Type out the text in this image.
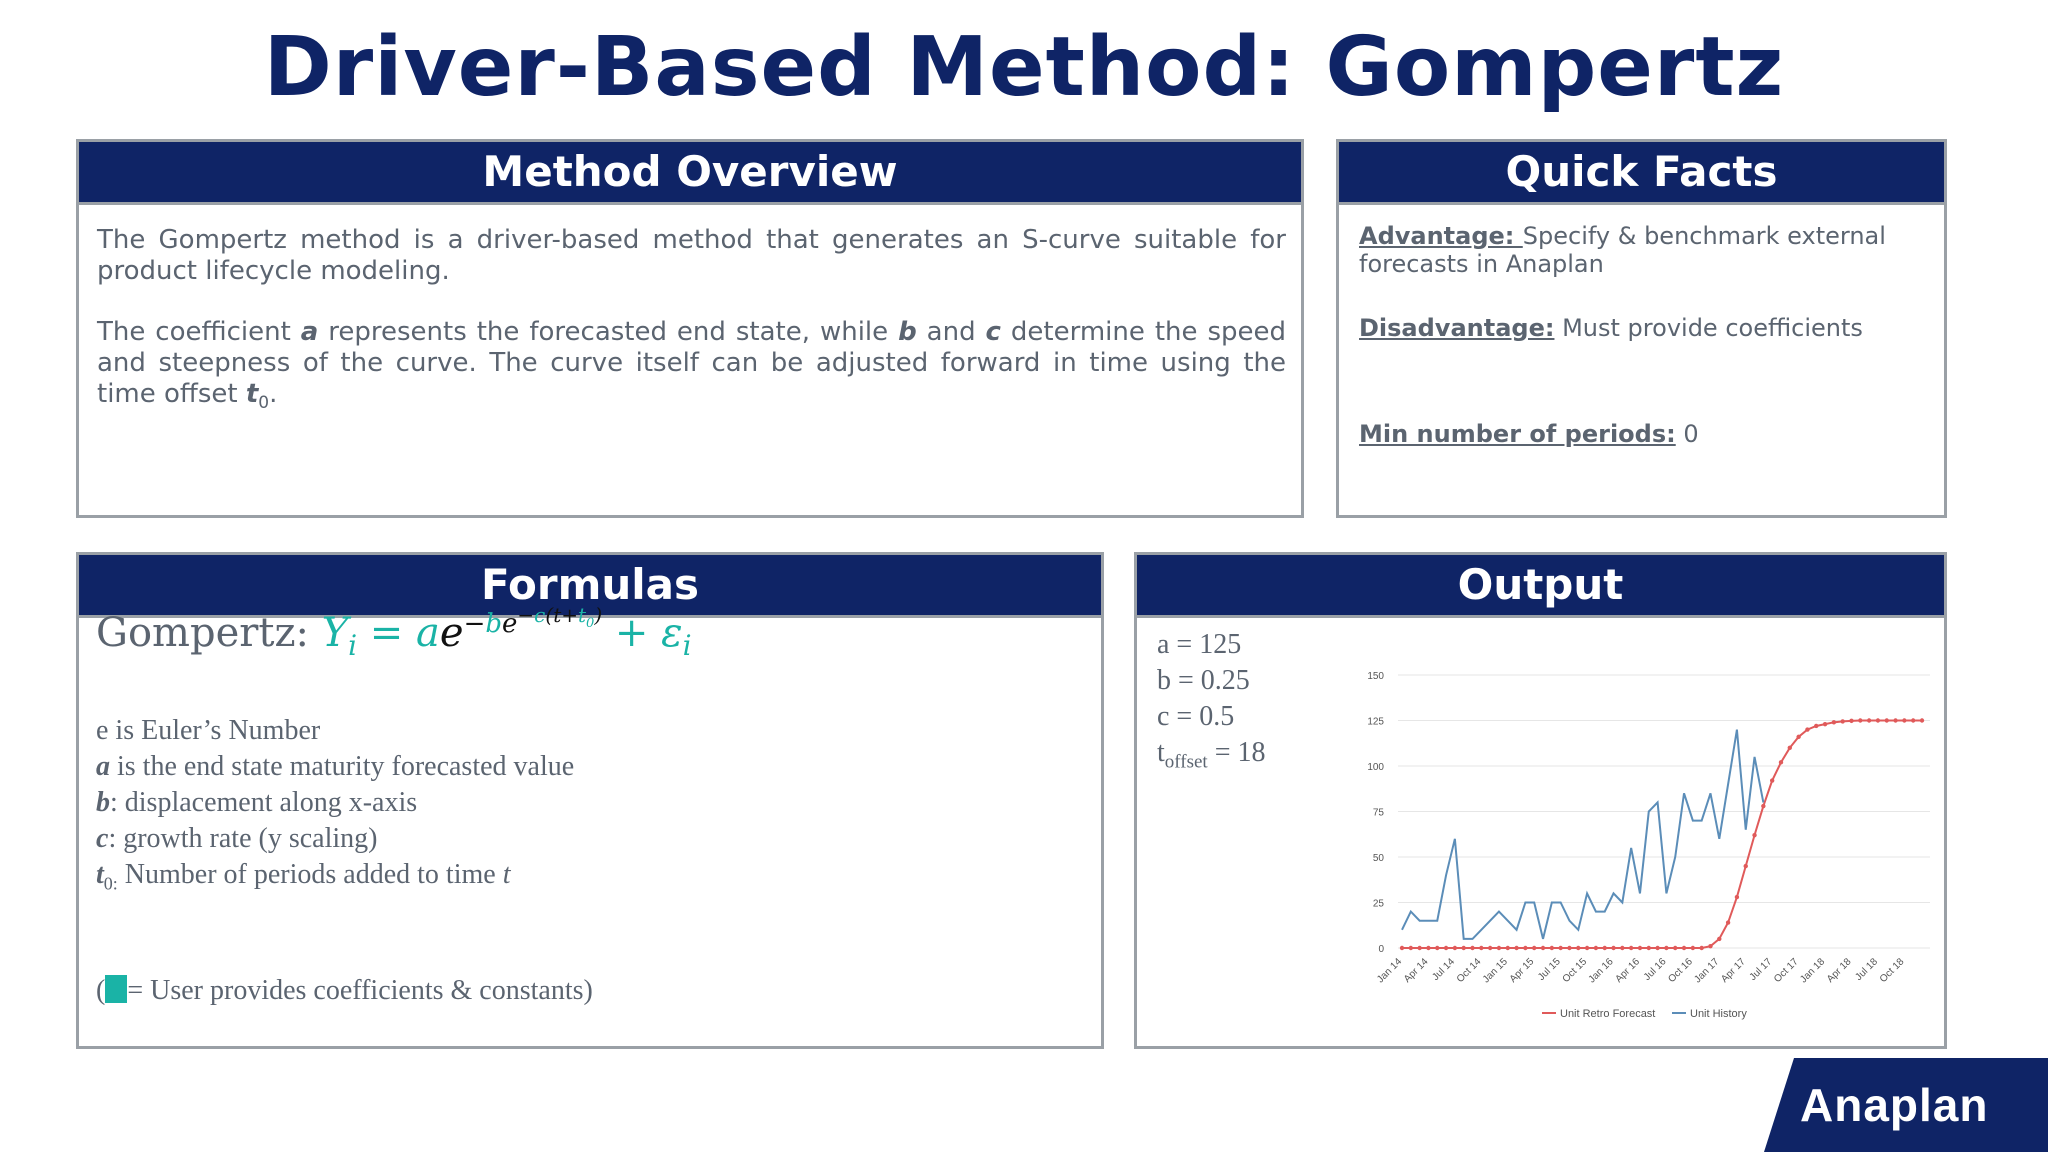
Driver-Based Method: Gompertz
Method Overview

The Gompertz method is a driver-based method that generates an S-curve suitable for product lifecycle modeling.

The coefficient a represents the forecasted end state, while b and c determine the speed and steepness of the curve. The curve itself can be adjusted forward in time using the time offset $t_0$.

Quick Facts
Advantage: Specify & benchmark external forecasts in Anaplan
Disadvantage: Must provide coefficients
Min number of periods: 0
Formulas
Gompertz: $Y_i = ae^{-be^{-c(t+t_0)}} + \varepsilon_i$
e is Euler’s Number
a is the end state maturity forecasted value
b: displacement along x-axis
c: growth rate (y scaling)
$t_{0:}$ Number of periods added to time t
( = User provides coefficients & constants)
Output
a = 125
b = 0.25
c = 0.5
$t_{offset} = 18$
0
25
50
75
100
125
150
Jan 14
Apr 14 Jul 14
Oct 14
Jan 15
Apr 15 Jul 15
Oct 15
Jan 16
Apr 16 Jul 16
Oct 16
Jan 17
Apr 17 Jul 17
Oct 17
Jan 18
Apr 18 Jul 18
Oct 18
Unit Retro Forecast	Unit History
Anaplan
